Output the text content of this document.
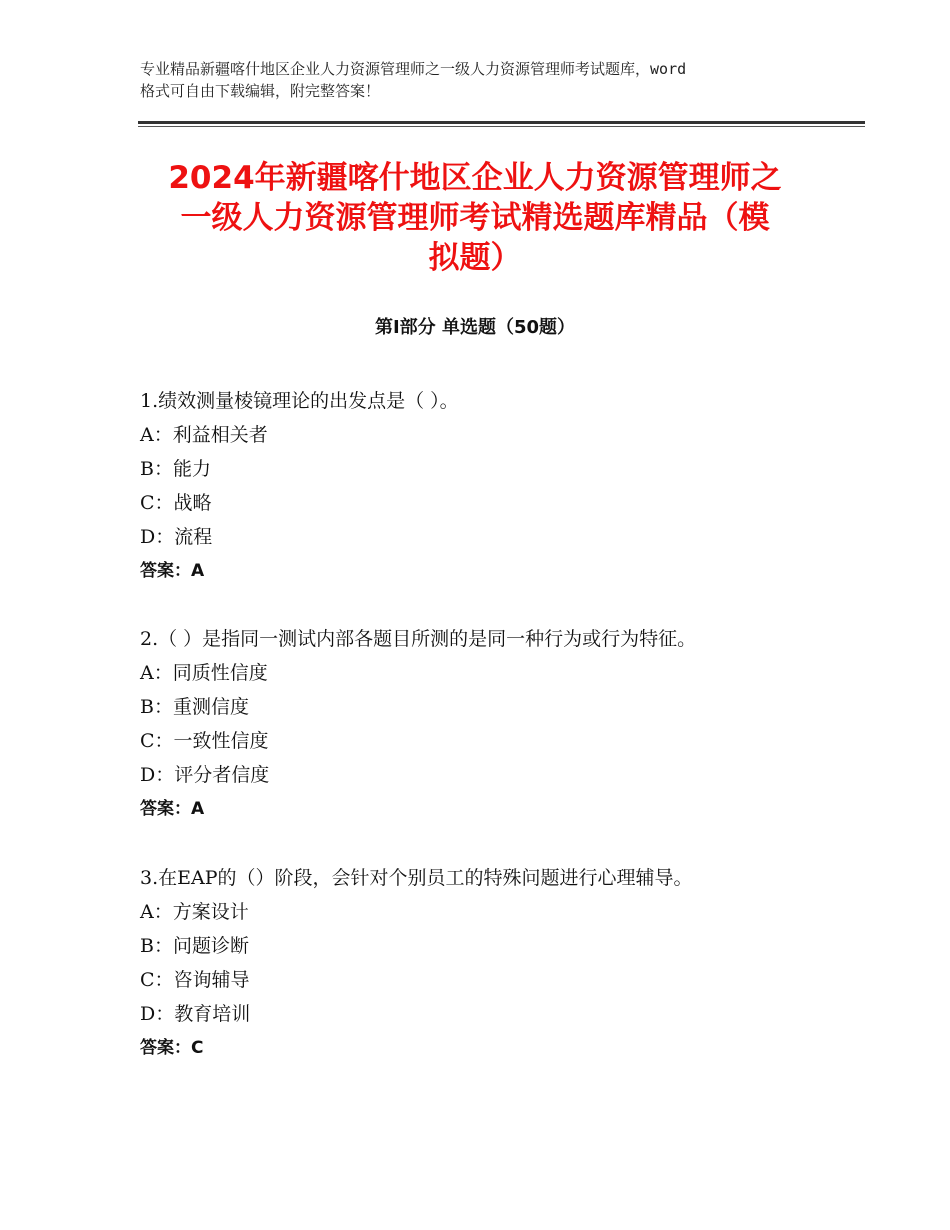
专业精品新疆喀什地区企业人力资源管理师之一级人力资源管理师考试题库，word
格式可自由下载编辑，附完整答案！
2024年新疆喀什地区企业人力资源管理师之
一级人力资源管理师考试精选题库精品（模
拟题）
第Ⅰ部分 单选题（50题）
1.绩效测量棱镜理论的出发点是（ ）。
A：利益相关者
B：能力
C：战略
D：流程
答案：A
2.（ ）是指同一测试内部各题目所测的是同一种行为或行为特征。
A：同质性信度
B：重测信度
C：一致性信度
D：评分者信度
答案：A
3.在EAP的（）阶段，会针对个别员工的特殊问题进行心理辅导。
A：方案设计
B：问题诊断
C：咨询辅导
D：教育培训
答案：C
